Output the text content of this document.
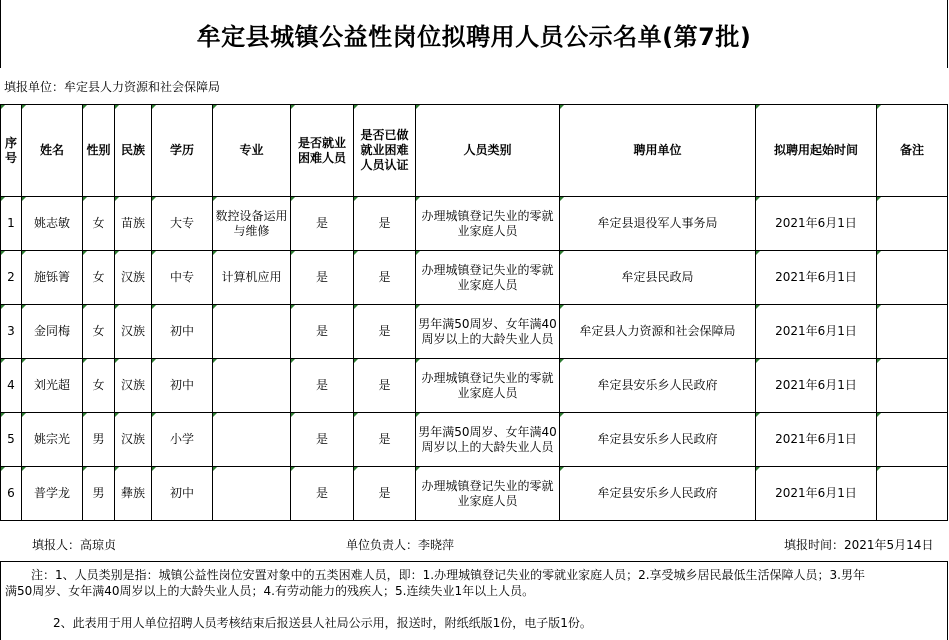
牟定县城镇公益性岗位拟聘用人员公示名单(第7批)
填报单位：牟定县人力资源和社会保障局
序号	姓名	性别	民族	学历	专业	是否就业困难人员	是否已做就业困难人员认证	人员类别	聘用单位	拟聘用起始时间	备注
1	姚志敏	女	苗族	大专	数控设备运用与维修	是	是	办理城镇登记失业的零就业家庭人员	牟定县退役军人事务局	2021年6月1日	
2	施铄箐	女	汉族	中专	计算机应用	是	是	办理城镇登记失业的零就业家庭人员	牟定县民政局	2021年6月1日	
3	金同梅	女	汉族	初中		是	是	男年满50周岁、女年满40周岁以上的大龄失业人员	牟定县人力资源和社会保障局	2021年6月1日	
4	刘光超	女	汉族	初中		是	是	办理城镇登记失业的零就业家庭人员	牟定县安乐乡人民政府	2021年6月1日	
5	姚宗光	男	汉族	小学		是	是	男年满50周岁、女年满40周岁以上的大龄失业人员	牟定县安乐乡人民政府	2021年6月1日	
6	普学龙	男	彝族	初中		是	是	办理城镇登记失业的零就业家庭人员	牟定县安乐乡人民政府	2021年6月1日	
填报人：高琼贞	单位负责人：李晓萍	填报时间：2021年5月14日
注：1、人员类别是指：城镇公益性岗位安置对象中的五类困难人员，即：1.办理城镇登记失业的零就业家庭人员；2.享受城乡居民最低生活保障人员；3.男年
满50周岁、女年满40周岁以上的大龄失业人员；4.有劳动能力的残疾人；5.连续失业1年以上人员。
2、此表用于用人单位招聘人员考核结束后报送县人社局公示用，报送时，附纸纸版1份，电子版1份。
